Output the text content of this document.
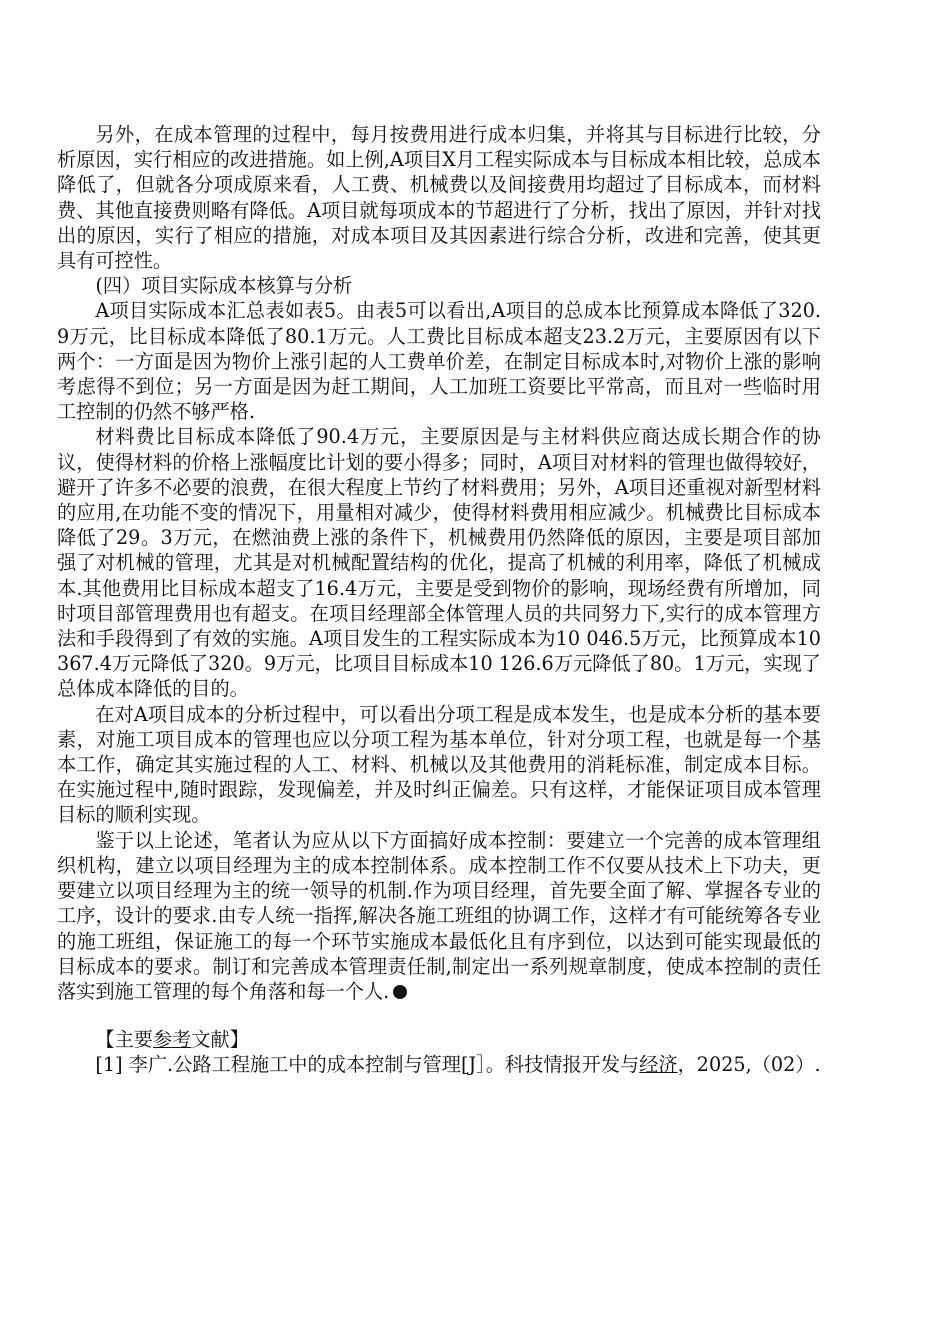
另外，在成本管理的过程中，每月按费用进行成本归集，并将其与目标进行比较，分析原因，实行相应的改进措施。如上例,A项目X月工程实际成本与目标成本相比较，总成本降低了，但就各分项成原来看，人工费、机械费以及间接费用均超过了目标成本，而材料费、其他直接费则略有降低。A项目就每项成本的节超进行了分析，找出了原因，并针对找出的原因，实行了相应的措施，对成本项目及其因素进行综合分析，改进和完善，使其更具有可控性。

(四）项目实际成本核算与分析

A项目实际成本汇总表如表5。由表5可以看出,A项目的总成本比预算成本降低了320.9万元，比目标成本降低了80.1万元。人工费比目标成本超支23.2万元，主要原因有以下两个：一方面是因为物价上涨引起的人工费单价差，在制定目标成本时,对物价上涨的影响考虑得不到位；另一方面是因为赶工期间，人工加班工资要比平常高，而且对一些临时用工控制的仍然不够严格.

材料费比目标成本降低了90.4万元，主要原因是与主材料供应商达成长期合作的协议，使得材料的价格上涨幅度比计划的要小得多；同时，A项目对材料的管理也做得较好，避开了许多不必要的浪费，在很大程度上节约了材料费用；另外，A项目还重视对新型材料的应用,在功能不变的情况下，用量相对减少，使得材料费用相应减少。机械费比目标成本降低了29。3万元，在燃油费上涨的条件下，机械费用仍然降低的原因，主要是项目部加强了对机械的管理，尤其是对机械配置结构的优化，提高了机械的利用率，降低了机械成本.其他费用比目标成本超支了16.4万元，主要是受到物价的影响，现场经费有所增加，同时项目部管理费用也有超支。在项目经理部全体管理人员的共同努力下,实行的成本管理方法和手段得到了有效的实施。A项目发生的工程实际成本为10 046.5万元，比预算成本10 367.4万元降低了320。9万元，比项目目标成本10 126.6万元降低了80。1万元，实现了总体成本降低的目的。

在对A项目成本的分析过程中，可以看出分项工程是成本发生，也是成本分析的基本要素，对施工项目成本的管理也应以分项工程为基本单位，针对分项工程，也就是每一个基本工作，确定其实施过程的人工、材料、机械以及其他费用的消耗标准，制定成本目标。在实施过程中,随时跟踪，发现偏差，并及时纠正偏差。只有这样，才能保证项目成本管理目标的顺利实现。

鉴于以上论述，笔者认为应从以下方面搞好成本控制：要建立一个完善的成本管理组织机构，建立以项目经理为主的成本控制体系。成本控制工作不仅要从技术上下功夫，更要建立以项目经理为主的统一领导的机制.作为项目经理，首先要全面了解、掌握各专业的工序，设计的要求.由专人统一指挥,解决各施工班组的协调工作，这样才有可能统筹各专业的施工班组，保证施工的每一个环节实施成本最低化且有序到位，以达到可能实现最低的目标成本的要求。制订和完善成本管理责任制,制定出一系列规章制度，使成本控制的责任落实到施工管理的每个角落和每一个人.

【主要参考文献】

[1] 李广.公路工程施工中的成本控制与管理[J］。科技情报开发与经济，2025,（02）.
